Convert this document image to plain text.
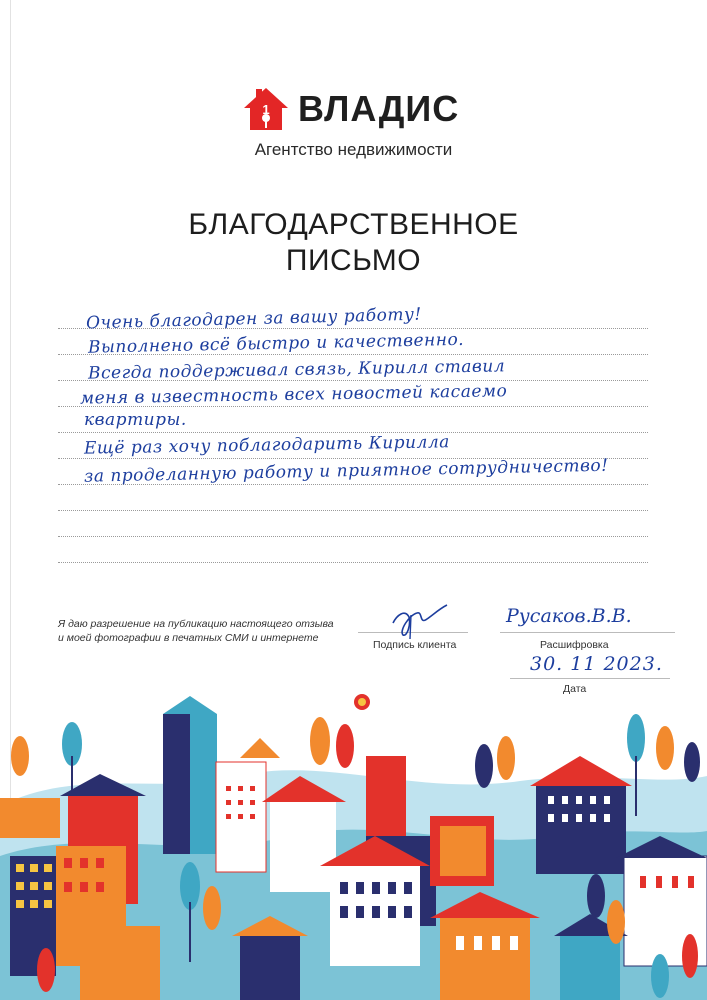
1 ВЛАДИС
Агентство недвижимости
БЛАГОДАРСТВЕННОЕ
ПИСЬМО
Очень благодарен за вашу работу!
Выполнено всё быстро и качественно.
Всегда поддерживал связь, Кирилл ставил
меня в известность всех новостей касаемо
квартиры.
Ещё раз хочу поблагодарить Кирилла
за проделанную работу и приятное сотрудничество!
Я даю разрешение на публикацию настоящего отзыва
и моей фотографии в печатных СМИ и интернете
Подпись клиента
Русаков.В.В.
Расшифровка
30. 11 2023.
Дата
